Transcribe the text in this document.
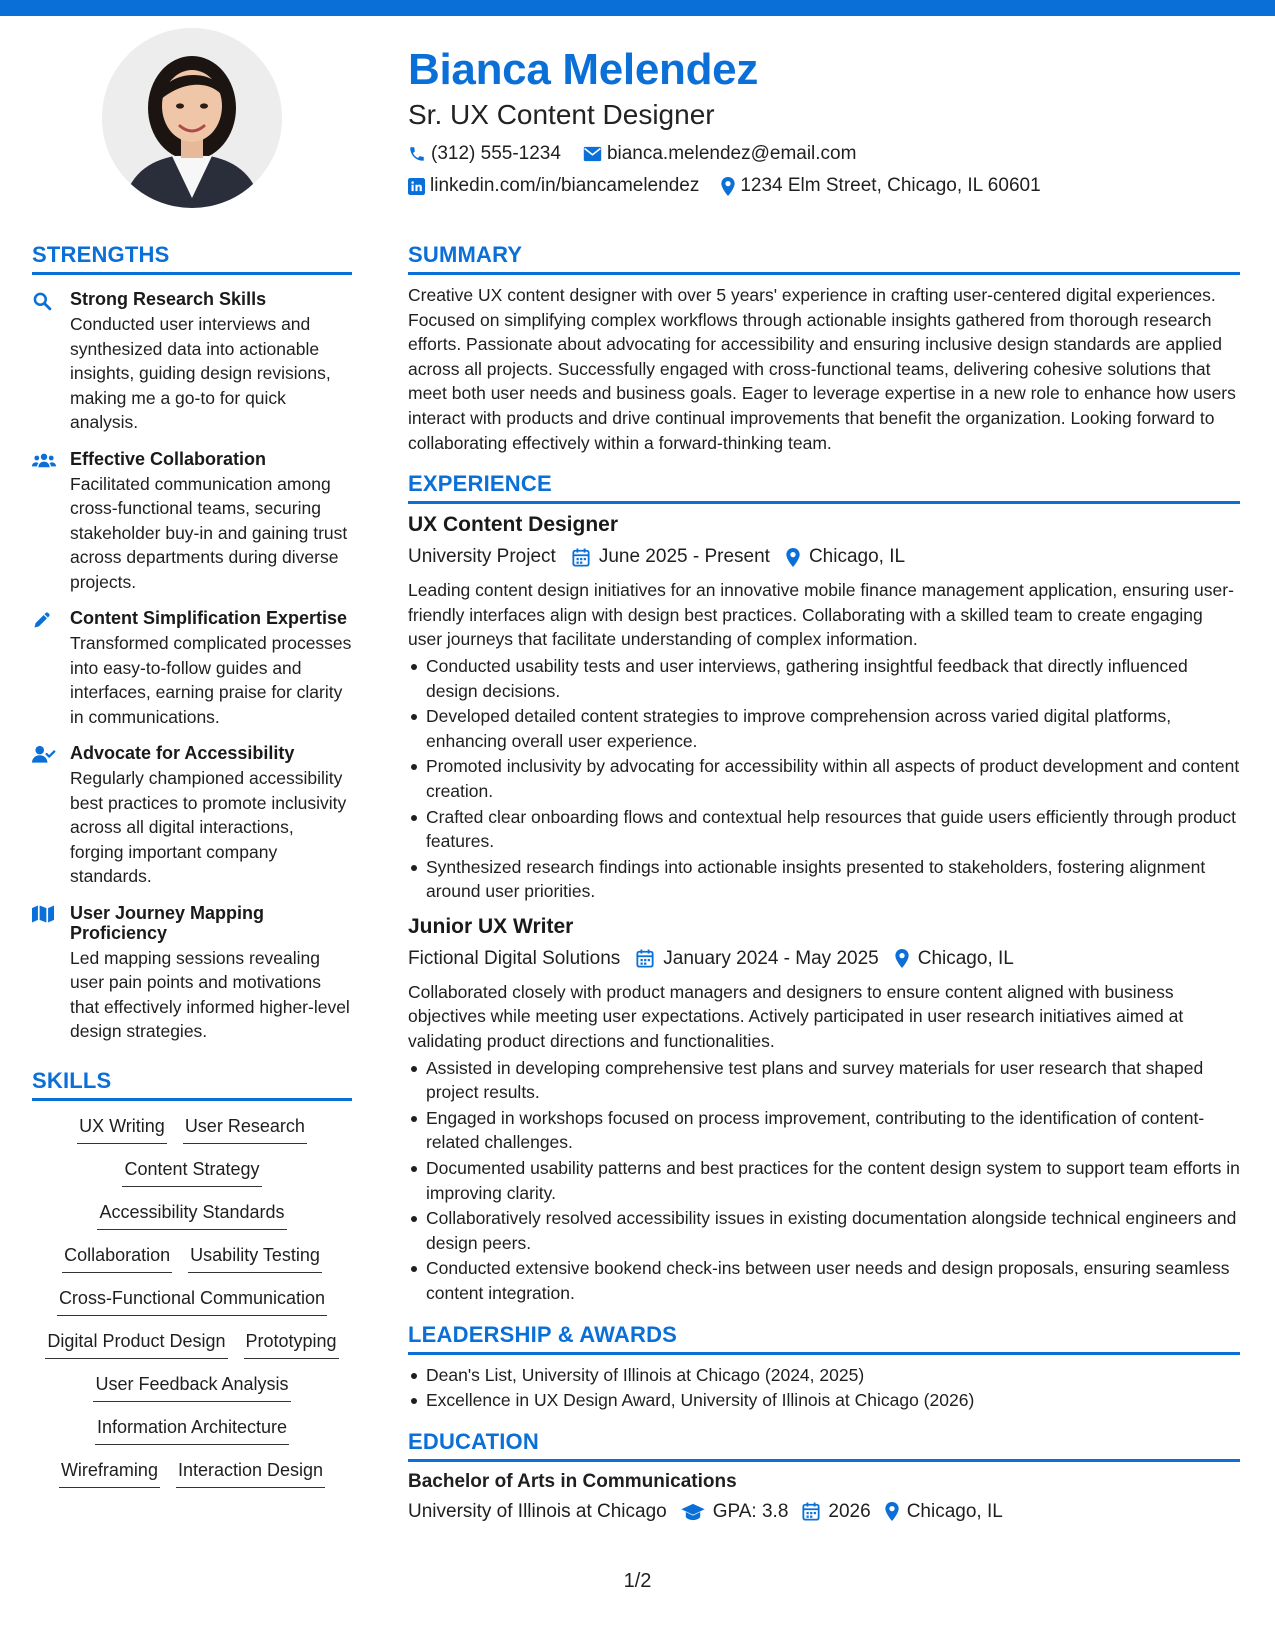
Bianca Melendez
Sr. UX Content Designer
(312) 555-1234 bianca.melendez@email.com
linkedin.com/in/biancamelendez 1234 Elm Street, Chicago, IL 60601
STRENGTHS
Strong Research Skills
Conducted user interviews and synthesized data into actionable insights, guiding design revisions, making me a go-to for quick analysis.
Effective Collaboration
Facilitated communication among cross-functional teams, securing stakeholder buy-in and gaining trust across departments during diverse projects.
Content Simplification Expertise
Transformed complicated processes into easy-to-follow guides and interfaces, earning praise for clarity in communications.
Advocate for Accessibility
Regularly championed accessibility best practices to promote inclusivity across all digital interactions, forging important company standards.
User Journey Mapping Proficiency
Led mapping sessions revealing user pain points and motivations that effectively informed higher-level design strategies.
SKILLS
UX Writing User Research
Content Strategy
Accessibility Standards
Collaboration Usability Testing
Cross-Functional Communication
Digital Product Design Prototyping
User Feedback Analysis
Information Architecture
Wireframing Interaction Design
SUMMARY
Creative UX content designer with over 5 years' experience in crafting user-centered digital experiences. Focused on simplifying complex workflows through actionable insights gathered from thorough research efforts. Passionate about advocating for accessibility and ensuring inclusive design standards are applied across all projects. Successfully engaged with cross-functional teams, delivering cohesive solutions that meet both user needs and business goals. Eager to leverage expertise in a new role to enhance how users interact with products and drive continual improvements that benefit the organization. Looking forward to collaborating effectively within a forward-thinking team.
EXPERIENCE
UX Content Designer
University Project June 2025 - Present Chicago, IL
Leading content design initiatives for an innovative mobile finance management application, ensuring user-friendly interfaces align with design best practices. Collaborating with a skilled team to create engaging user journeys that facilitate understanding of complex information.
Conducted usability tests and user interviews, gathering insightful feedback that directly influenced design decisions.
Developed detailed content strategies to improve comprehension across varied digital platforms, enhancing overall user experience.
Promoted inclusivity by advocating for accessibility within all aspects of product development and content creation.
Crafted clear onboarding flows and contextual help resources that guide users efficiently through product features.
Synthesized research findings into actionable insights presented to stakeholders, fostering alignment around user priorities.
Junior UX Writer
Fictional Digital Solutions January 2024 - May 2025 Chicago, IL
Collaborated closely with product managers and designers to ensure content aligned with business objectives while meeting user expectations. Actively participated in user research initiatives aimed at validating product directions and functionalities.
Assisted in developing comprehensive test plans and survey materials for user research that shaped project results.
Engaged in workshops focused on process improvement, contributing to the identification of content-related challenges.
Documented usability patterns and best practices for the content design system to support team efforts in improving clarity.
Collaboratively resolved accessibility issues in existing documentation alongside technical engineers and design peers.
Conducted extensive bookend check-ins between user needs and design proposals, ensuring seamless content integration.
LEADERSHIP & AWARDS
Dean's List, University of Illinois at Chicago (2024, 2025)
Excellence in UX Design Award, University of Illinois at Chicago (2026)
EDUCATION
Bachelor of Arts in Communications
University of Illinois at Chicago GPA: 3.8 2026 Chicago, IL
1/2
